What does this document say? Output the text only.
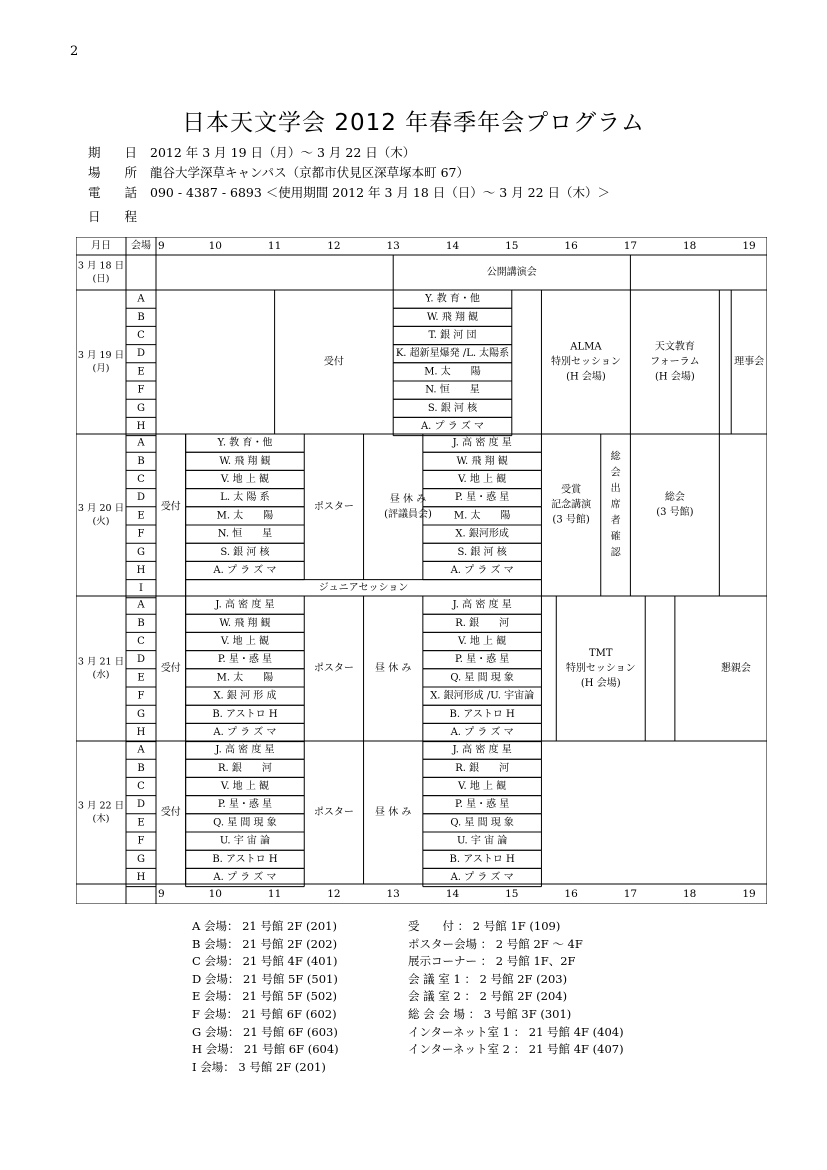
2
日本天文学会 2012 年春季年会プログラム
期 日 2012 年 3 月 19 日（月）〜 3 月 22 日（木）
場 所 龍谷大学深草キャンパス（京都市伏見区深草塚本町 67）
電 話 090 - 4387 - 6893 ＜使用期間 2012 年 3 月 18 日（日）〜 3 月 22 日（木）＞
日 程
月日 会場 9
9
10
10
11
11
12
12
13
13
14
14
15
15
16
16
17
17
18
18
19
19
3 月 18 日
(日)
3 月 19 日
(月)
3 月 20 日
(火)
3 月 21 日
(水)
3 月 22 日
(木)
公開講演会
A
B
C
D
E
F
G
H
受付
Y. 教 育・他
W. 飛 翔 観
T. 銀 河 団
K. 超新星爆発 /L. 太陽系
M. 太　　陽
N. 恒　　星
S. 銀 河 核
A. プ ラ ズ マ
ALMA
特別セッション
(H 会場)
天文教育
フォーラム
(H 会場)
理事会
A
B
C
D
E
F
G
H
I
受付
Y. 教 育・他
W. 飛 翔 観
V. 地 上 観
L. 太 陽 系
M. 太　　陽
N. 恒　　星
S. 銀 河 核
A. プ ラ ズ マ
ジュニアセッション
ポスター
昼 休 み
(評議員会)
J. 高 密 度 星
W. 飛 翔 観
V. 地 上 観
P. 星・惑 星
M. 太　　陽
X. 銀河形成
S. 銀 河 核
A. プ ラ ズ マ
受賞
記念講演
(3 号館)
総
会
出
席
者
確
認
総会
(3 号館)
A
B
C
D
E
F
G
H
受付
J. 高 密 度 星
W. 飛 翔 観
V. 地 上 観
P. 星・惑 星
M. 太　　陽
X. 銀 河 形 成
B. アストロ H
A. プ ラ ズ マ
ポスター 昼 休 み
J. 高 密 度 星
R. 銀　　河
V. 地 上 観
P. 星・惑 星
Q. 星 間 現 象
X. 銀河形成 /U. 宇宙論
B. アストロ H
A. プ ラ ズ マ
TMT
特別セッション
(H 会場)
懇親会
A
B
C
D
E
F
G
H
受付
J. 高 密 度 星
R. 銀　　河
V. 地 上 観
P. 星・惑 星
Q. 星 間 現 象
U. 宇 宙 論
B. アストロ H
A. プ ラ ズ マ
ポスター 昼 休 み
J. 高 密 度 星
R. 銀　　河
V. 地 上 観
P. 星・惑 星
Q. 星 間 現 象
U. 宇 宙 論
B. アストロ H
A. プ ラ ズ マ
A 会場： 21 号館 2F (201)
B 会場： 21 号館 2F (202)
C 会場： 21 号館 4F (401)
D 会場： 21 号館 5F (501)
E 会場： 21 号館 5F (502)
F 会場： 21 号館 6F (602)
G 会場： 21 号館 6F (603)
H 会場： 21 号館 6F (604)
I 会場： 3 号館 2F (201)
受　　付 ： 2 号館 1F (109)
ポスター会場 ： 2 号館 2F 〜 4F
展示コーナー ： 2 号館 1F、2F
会 議 室 1 ： 2 号館 2F (203)
会 議 室 2 ： 2 号館 2F (204)
総 会 会 場 ： 3 号館 3F (301)
インターネット室 1 ： 21 号館 4F (404)
インターネット室 2 ： 21 号館 4F (407)
